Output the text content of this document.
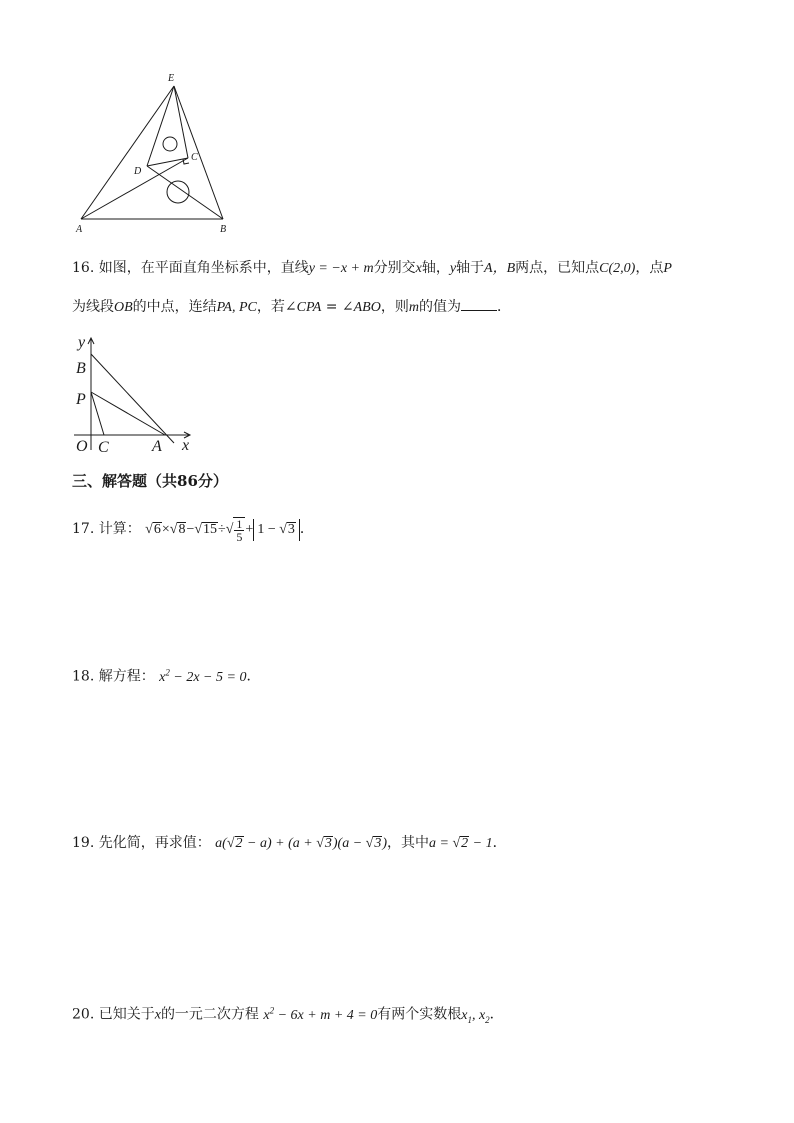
E
D
C
A	B
16. 如图，在平面直角坐标系中，直线y = −x + m分别交x轴，y轴于A，B两点，已知点C(2,0)，点P
为线段OB的中点，连结PA, PC，若∠CPA = ∠ABO，则m的值为	．
y
B
P
O C	A x
三、解答题（共86分）
17. 计算： $√6\times√8-√15\div√ \frac{1}{5} + 1 - √3$ ．
18. 解方程： $x^2 - 2x - 5 = 0$．
19. 先化简，再求值： a(√2 − a) + (a + √3)(a − √3)，其中a = √2 − 1．
20. 已知关于x的一元二次方程 $x^2 - 6x + m + 4 = 0$有两个实数根$x_1$, $x_2$．
